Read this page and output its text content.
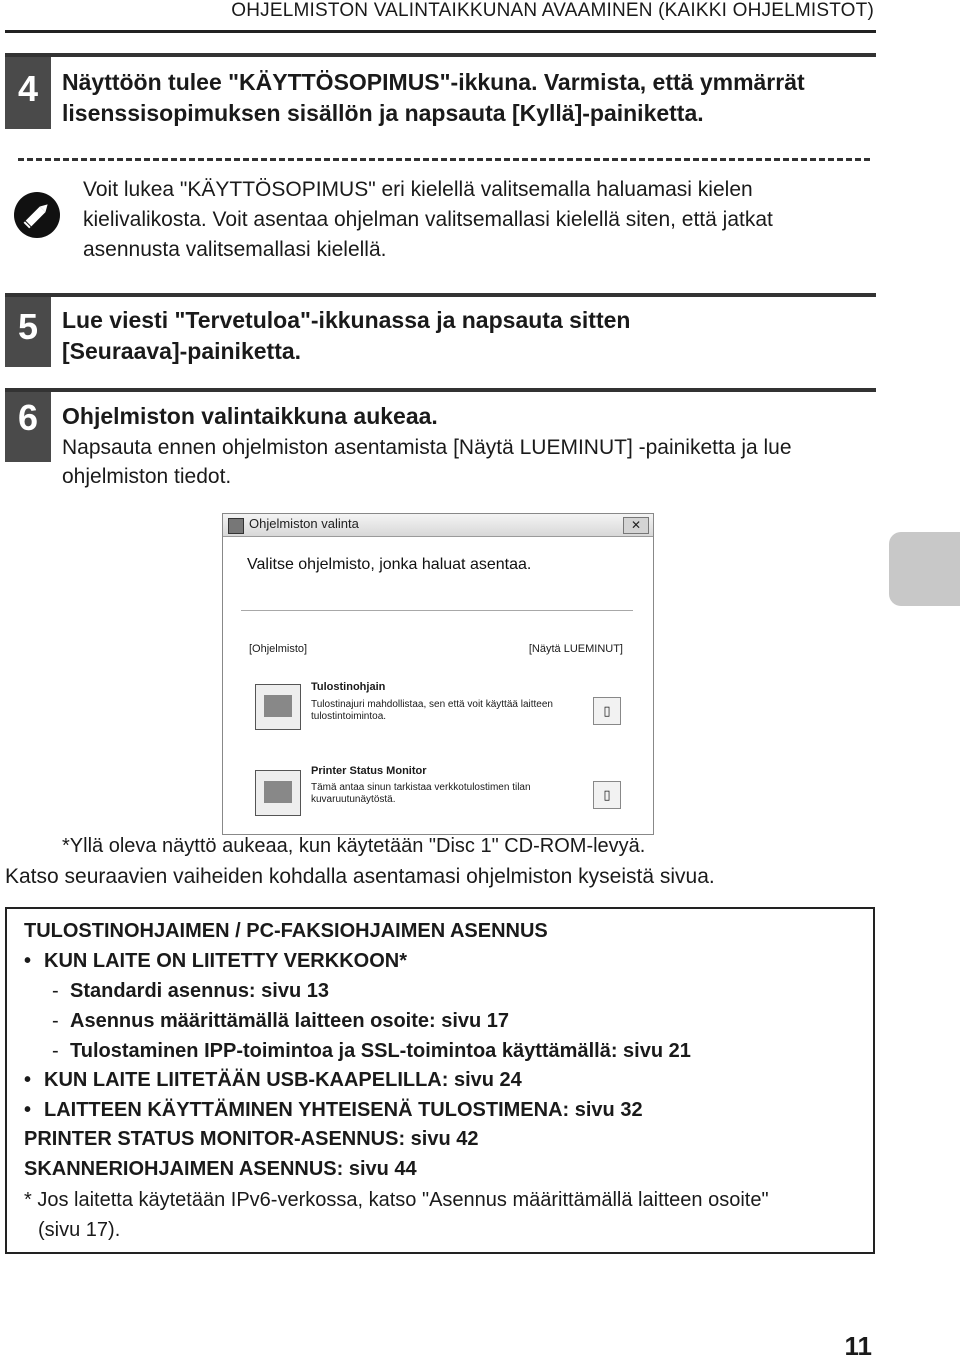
OHJELMISTON VALINTAIKKUNAN AVAAMINEN (KAIKKI OHJELMISTOT)
4	Näyttöön tulee "KÄYTTÖSOPIMUS"-ikkuna. Varmista, että ymmärrät
lisenssisopimuksen sisällön ja napsauta [Kyllä]-painiketta.
Voit lukea "KÄYTTÖSOPIMUS" eri kielellä valitsemalla haluamasi kielen
kielivalikosta. Voit asentaa ohjelman valitsemallasi kielellä siten, että jatkat
asennusta valitsemallasi kielellä.
5	Lue viesti "Tervetuloa"-ikkunassa ja napsauta sitten
[Seuraava]-painiketta.
6	Ohjelmiston valintaikkuna aukeaa.
Napsauta ennen ohjelmiston asentamista [Näytä LUEMINUT] -painiketta ja lue
ohjelmiston tiedot.
Ohjelmiston valinta	✕
Valitse ohjelmisto, jonka haluat asentaa.
[Ohjelmisto]	[Näytä LUEMINUT]
Tulostinohjain
Tulostinajuri mahdollistaa, sen että voit käyttää laitteen
tulostintoimintoa.	▯
Printer Status Monitor
Tämä antaa sinun tarkistaa verkkotulostimen tilan
kuvaruutunäytöstä.	▯
*Yllä oleva näyttö aukeaa, kun käytetään "Disc 1" CD-ROM-levyä.
Katso seuraavien vaiheiden kohdalla asentamasi ohjelmiston kyseistä sivua.
TULOSTINOHJAIMEN / PC-FAKSIOHJAIMEN ASENNUS
• KUN LAITE ON LIITETTY VERKKOON*
- Standardi asennus: sivu 13
- Asennus määrittämällä laitteen osoite: sivu 17
- Tulostaminen IPP-toimintoa ja SSL-toimintoa käyttämällä: sivu 21
• KUN LAITE LIITETÄÄN USB-KAAPELILLA: sivu 24
• LAITTEEN KÄYTTÄMINEN YHTEISENÄ TULOSTIMENA: sivu 32
PRINTER STATUS MONITOR-ASENNUS: sivu 42
SKANNERIOHJAIMEN ASENNUS: sivu 44
* Jos laitetta käytetään IPv6-verkossa, katso "Asennus määrittämällä laitteen osoite"
(sivu 17).
11
